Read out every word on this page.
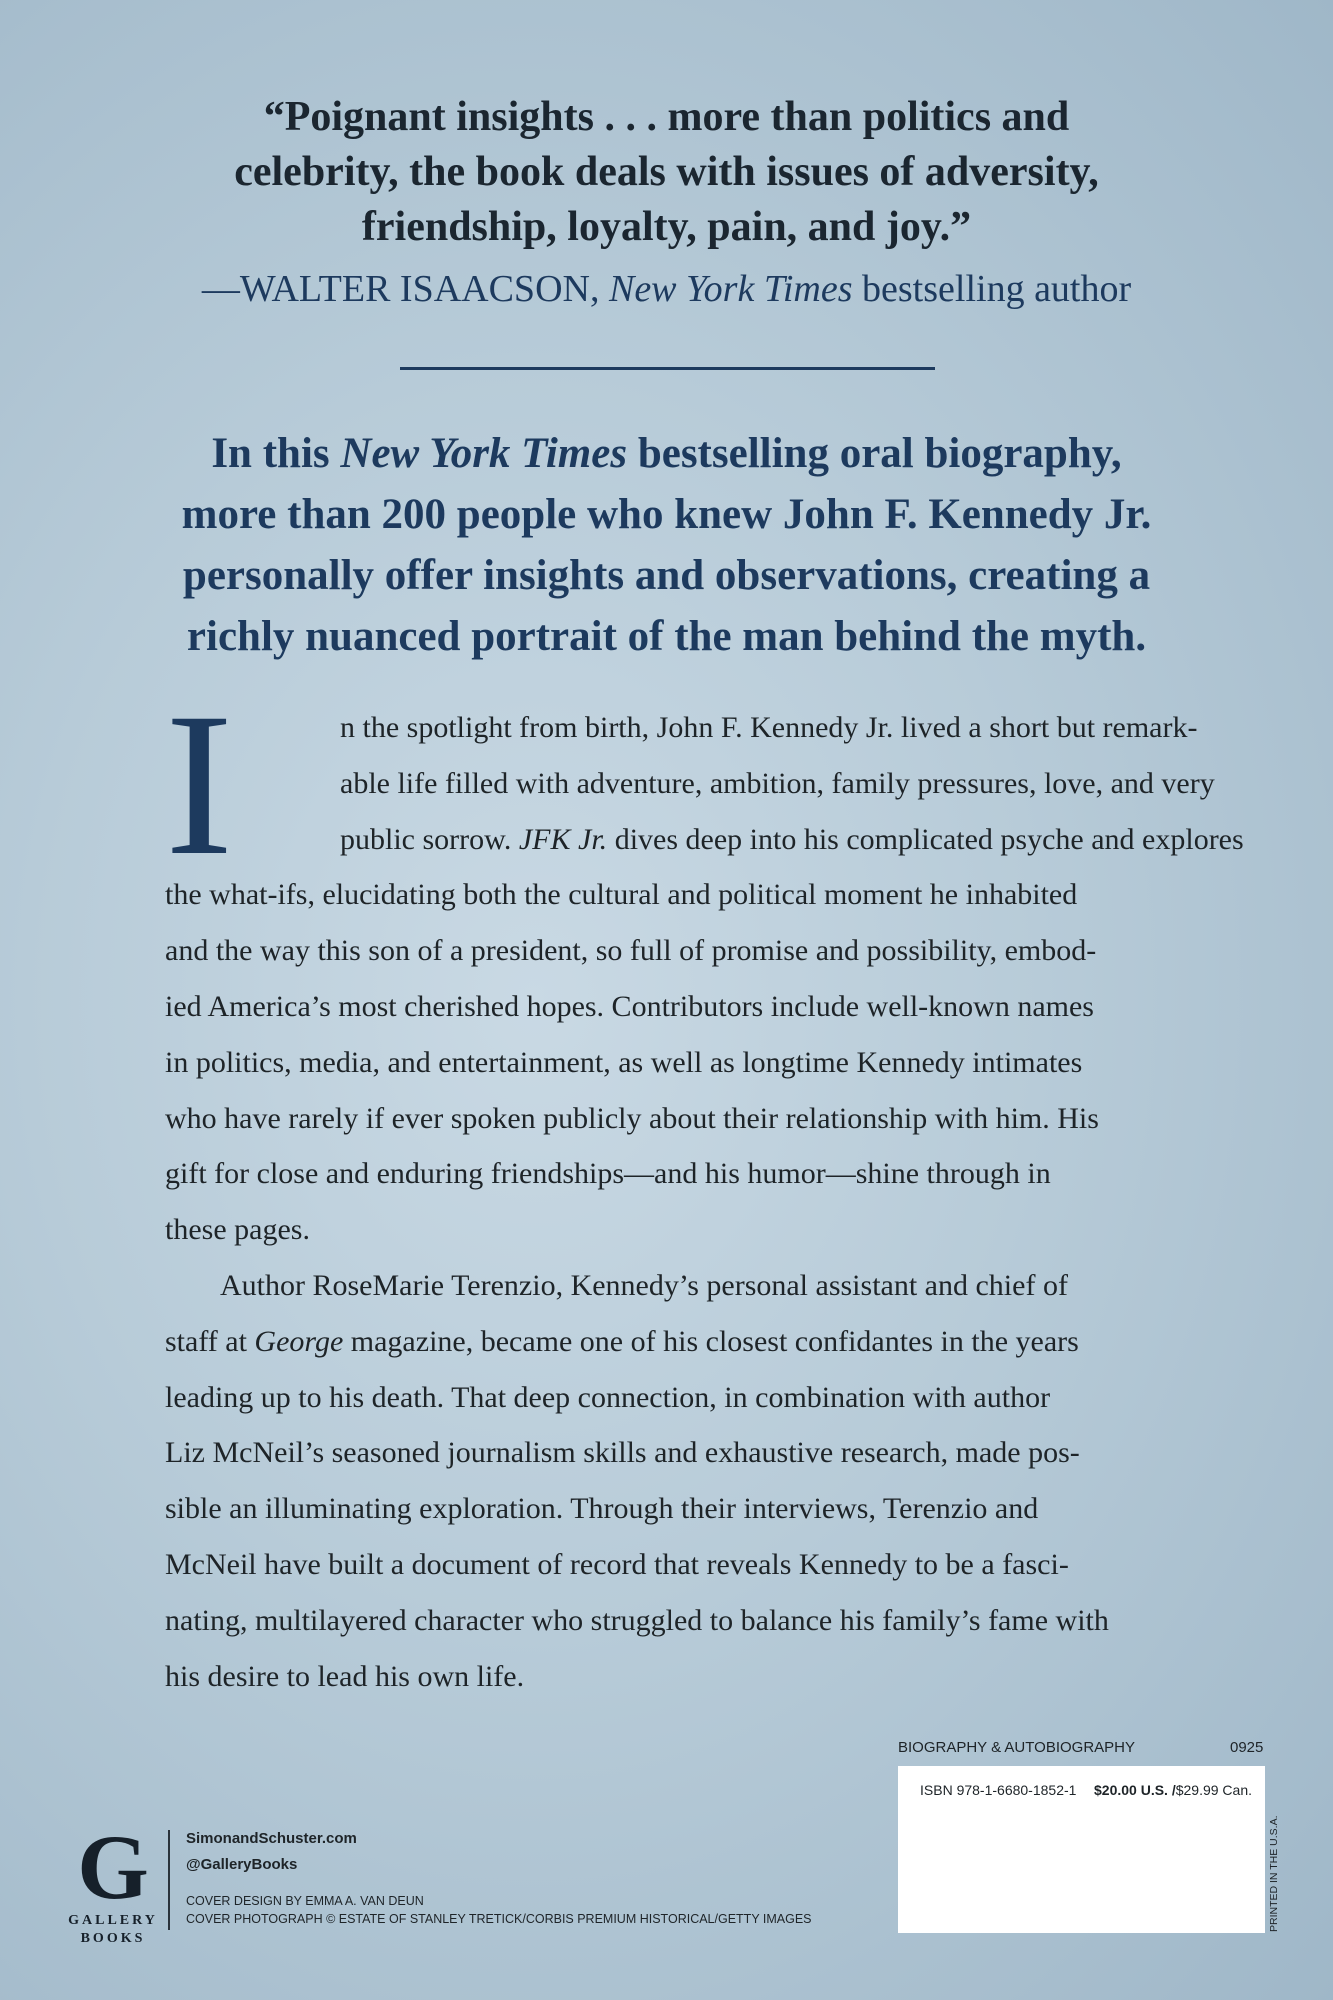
“Poignant insights . . . more than politics and
celebrity, the book deals with issues of adversity,
friendship, loyalty, pain, and joy.”
—WALTER ISAACSON, New York Times bestselling author
In this New York Times bestselling oral biography,
more than 200 people who knew John F. Kennedy Jr.
personally offer insights and observations, creating a
richly nuanced portrait of the man behind the myth.
I	n the spotlight from birth, John F. Kennedy Jr. lived a short but remark-
able life filled with adventure, ambition, family pressures, love, and very
public sorrow. JFK Jr. dives deep into his complicated psyche and explores
the what-ifs, elucidating both the cultural and political moment he inhabited
and the way this son of a president, so full of promise and possibility, embod-
ied America’s most cherished hopes. Contributors include well-known names
in politics, media, and entertainment, as well as longtime Kennedy intimates
who have rarely if ever spoken publicly about their relationship with him. His
gift for close and enduring friendships—and his humor—shine through in
these pages.
Author RoseMarie Terenzio, Kennedy’s personal assistant and chief of
staff at George magazine, became one of his closest confidantes in the years
leading up to his death. That deep connection, in combination with author
Liz McNeil’s seasoned journalism skills and exhaustive research, made pos-
sible an illuminating exploration. Through their interviews, Terenzio and
McNeil have built a document of record that reveals Kennedy to be a fasci-
nating, multilayered character who struggled to balance his family’s fame with
his desire to lead his own life.
G
GALLERY
BOOKS
SimonandSchuster.com
@GalleryBooks
COVER DESIGN BY EMMA A. VAN DEUN
COVER PHOTOGRAPH © ESTATE OF STANLEY TRETICK/CORBIS PREMIUM HISTORICAL/GETTY IMAGES
BIOGRAPHY & AUTOBIOGRAPHY	0925
ISBN 978-1-6680-1852-1 $20.00 U.S. /$29.99 Can.
PRINTED IN THE U.S.A.
